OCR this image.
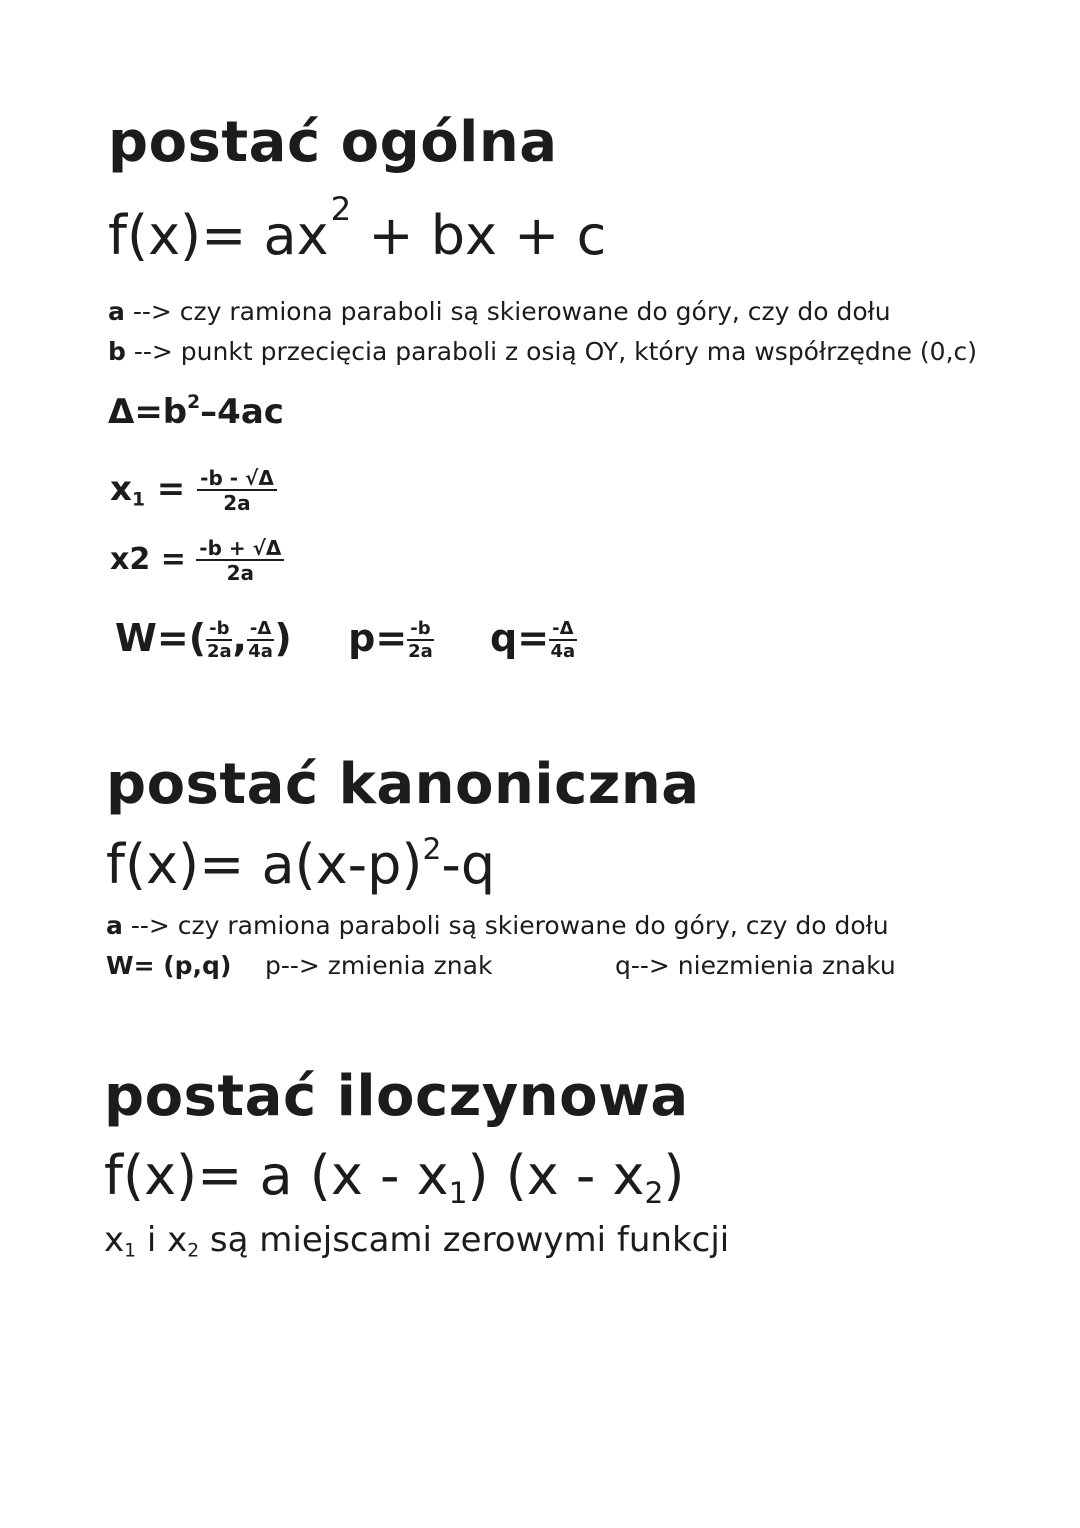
postać ogólna
$f(x)= ax^2$ + bx + c
a --> czy ramiona paraboli są skierowane do góry, czy do dołu
b --> punkt przecięcia paraboli z osią OY, który ma współrzędne (0,c)
$\Delta=b^2-4ac$
$x_1 = \frac{-b - √\Delta}{2a}$
$x2 = \frac{-b + √\Delta}{2a}$
$W=( \frac{-b}{2a}$ , $\frac{-\Delta}{4a}$ ) $p= \frac{-b}{2a} q= \frac{-\Delta}{4a}$
postać kanoniczna
$f(x)= a(x-p)^2-q$
a --> czy ramiona paraboli są skierowane do góry, czy do dołu
W= (p,q) p--> zmienia znak	q--> niezmienia znaku
postać iloczynowa
f(x)= a $(x - x_1)$ $(x - x_2)$
$x_1$ i $x_2$ są miejscami zerowymi funkcji
